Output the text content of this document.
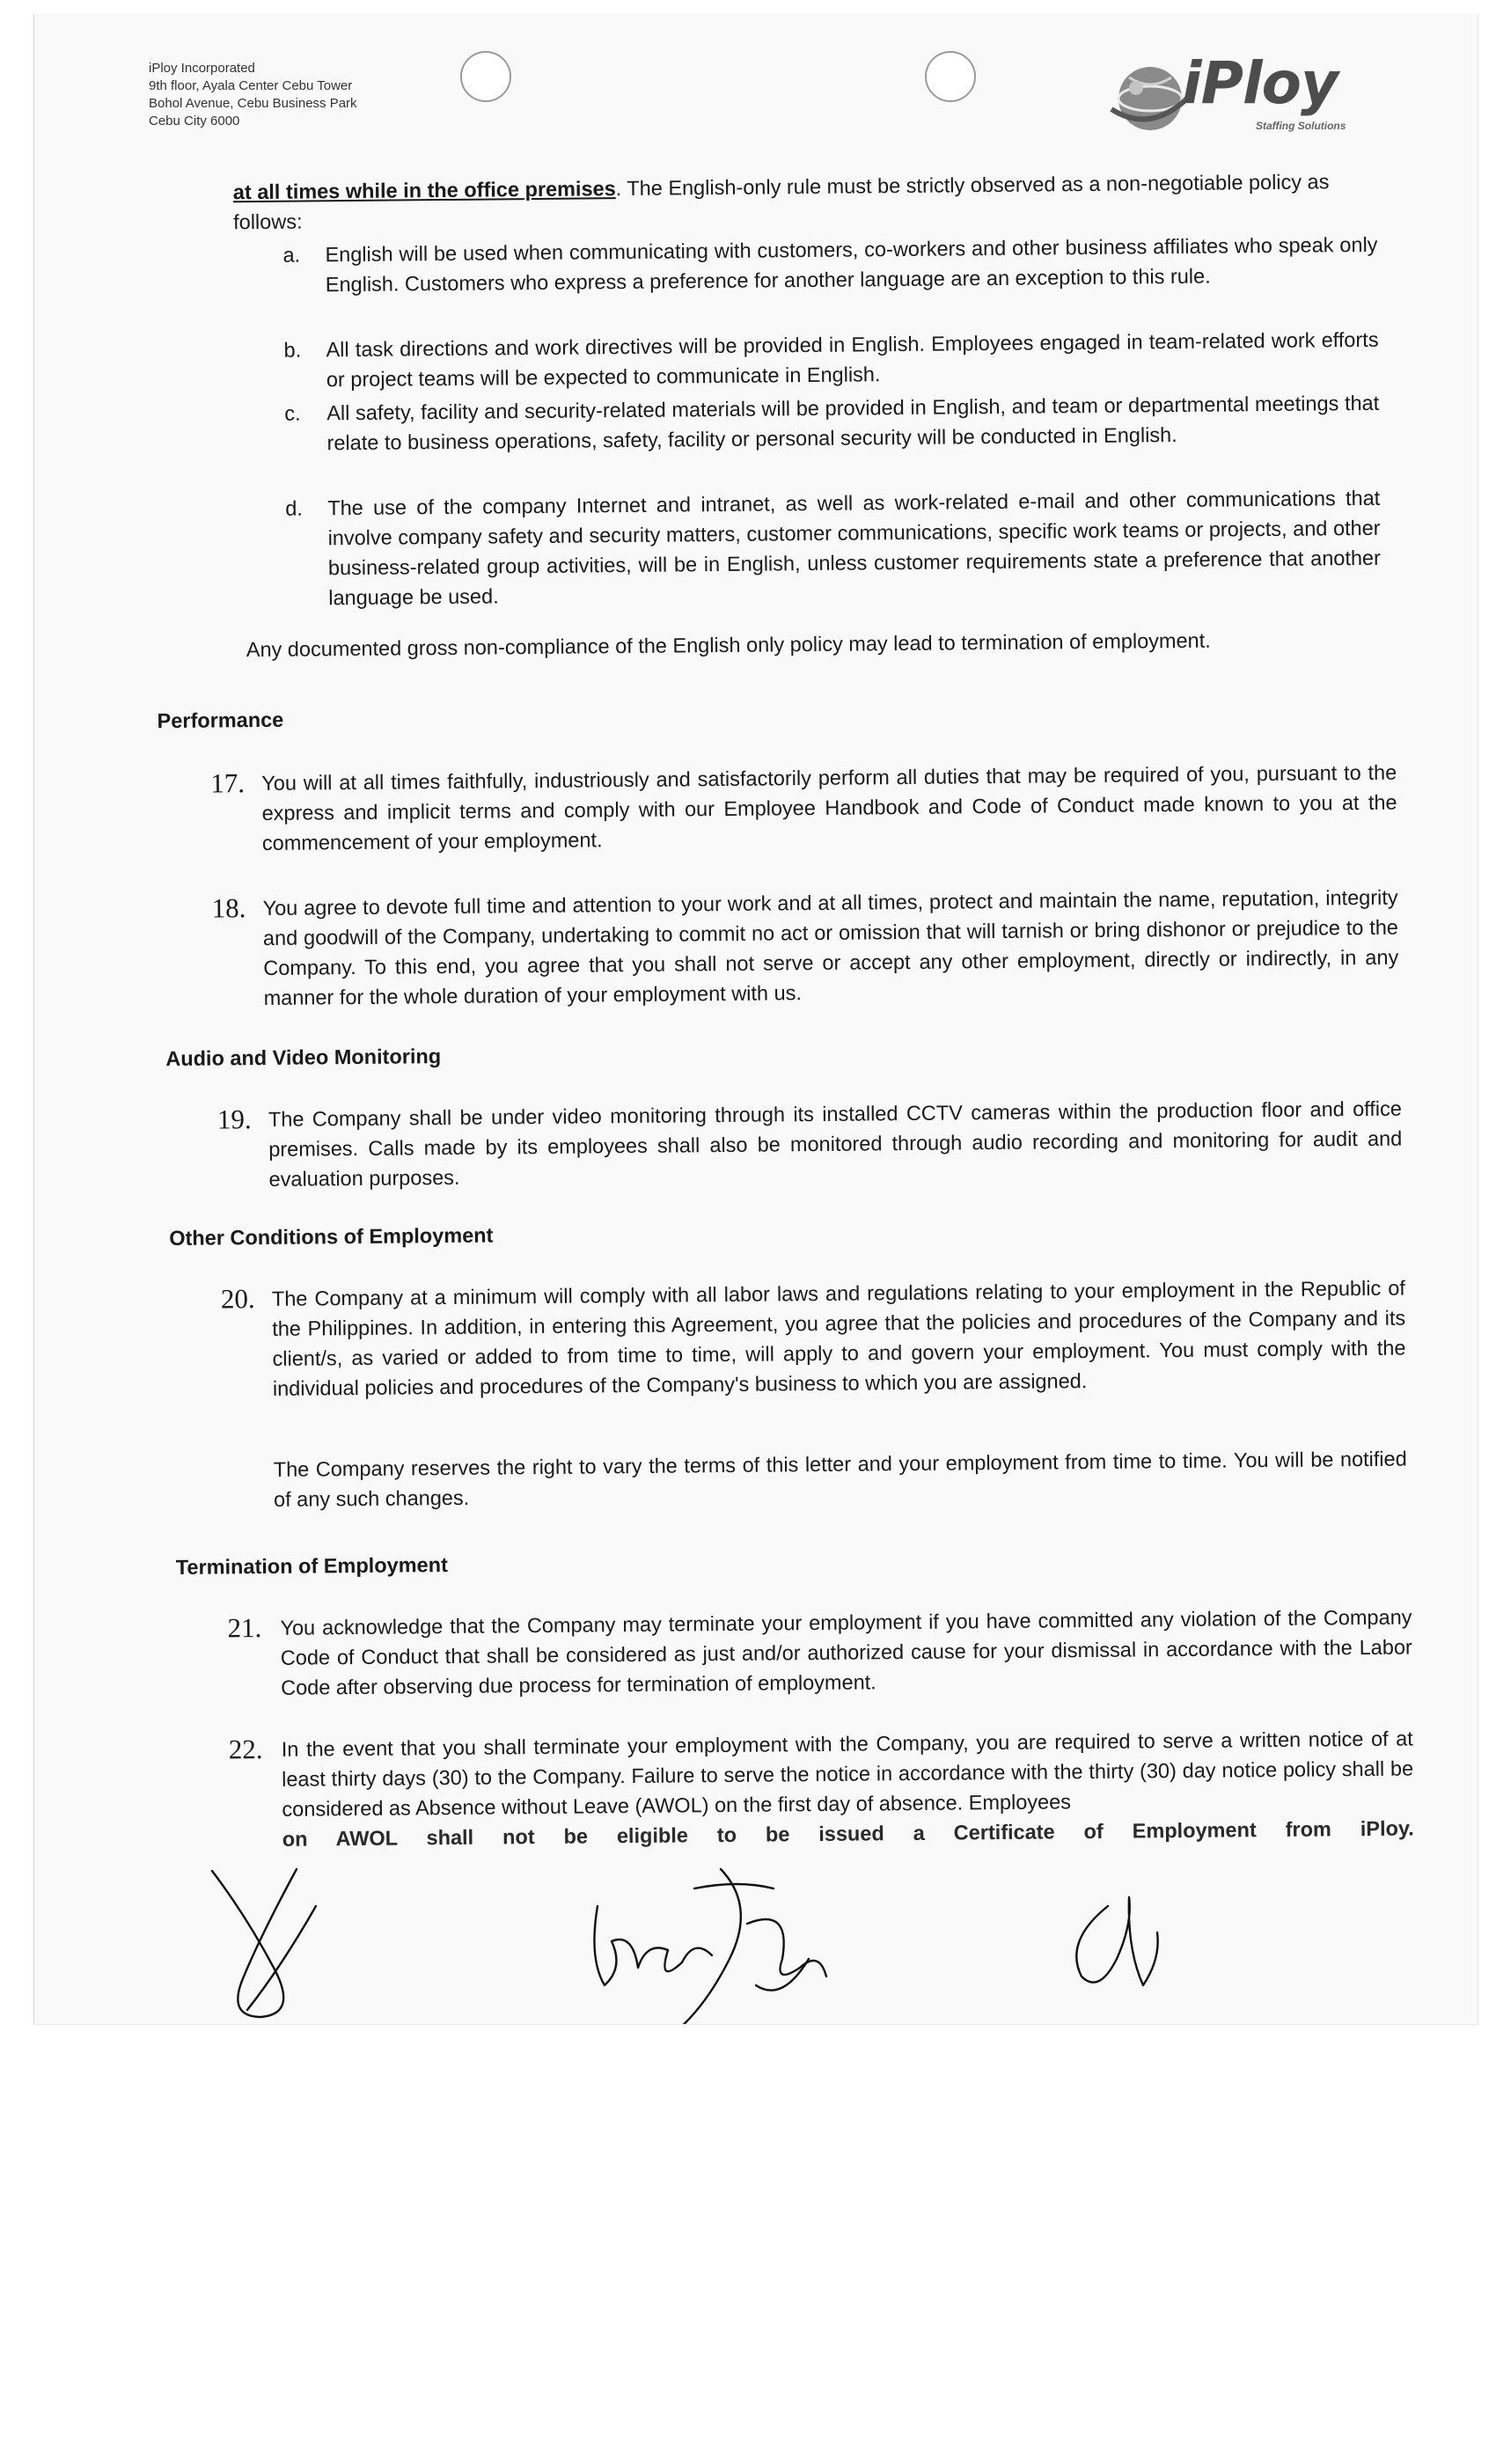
iPloy Incorporated
9th floor, Ayala Center Cebu Tower
Bohol Avenue, Cebu Business Park
Cebu City 6000
iPloy
Staffing Solutions
at all times while in the office premises. The English-only rule must be strictly observed as a non-negotiable policy as follows:
a.	English will be used when communicating with customers, co-workers and other business affiliates who speak only English. Customers who express a preference for another language are an exception to this rule.
b.	All task directions and work directives will be provided in English. Employees engaged in team-related work efforts or project teams will be expected to communicate in English.
c.	All safety, facility and security-related materials will be provided in English, and team or departmental meetings that relate to business operations, safety, facility or personal security will be conducted in English.
d.	The use of the company Internet and intranet, as well as work-related e-mail and other communications that involve company safety and security matters, customer communications, specific work teams or projects, and other business-related group activities, will be in English, unless customer requirements state a preference that another language be used.
Any documented gross non-compliance of the English only policy may lead to termination of employment.
Performance
17. You will at all times faithfully, industriously and satisfactorily perform all duties that may be required of you, pursuant to the express and implicit terms and comply with our Employee Handbook and Code of Conduct made known to you at the commencement of your employment.
18. You agree to devote full time and attention to your work and at all times, protect and maintain the name, reputation, integrity and goodwill of the Company, undertaking to commit no act or omission that will tarnish or bring dishonor or prejudice to the Company. To this end, you agree that you shall not serve or accept any other employment, directly or indirectly, in any manner for the whole duration of your employment with us.
Audio and Video Monitoring
19. The Company shall be under video monitoring through its installed CCTV cameras within the production floor and office premises. Calls made by its employees shall also be monitored through audio recording and monitoring for audit and evaluation purposes.
Other Conditions of Employment
20. The Company at a minimum will comply with all labor laws and regulations relating to your employment in the Republic of the Philippines. In addition, in entering this Agreement, you agree that the policies and procedures of the Company and its client/s, as varied or added to from time to time, will apply to and govern your employment. You must comply with the individual policies and procedures of the Company's business to which you are assigned.
The Company reserves the right to vary the terms of this letter and your employment from time to time. You will be notified of any such changes.
Termination of Employment
21. You acknowledge that the Company may terminate your employment if you have committed any violation of the Company Code of Conduct that shall be considered as just and/or authorized cause for your dismissal in accordance with the Labor Code after observing due process for termination of employment.
22. In the event that you shall terminate your employment with the Company, you are required to serve a written notice of at least thirty days (30) to the Company. Failure to serve the notice in accordance with the thirty (30) day notice policy shall be considered as Absence without Leave (AWOL) on the first day of absence. Employees
on AWOL shall not be eligible to be issued a Certificate of Employment from iPloy.
